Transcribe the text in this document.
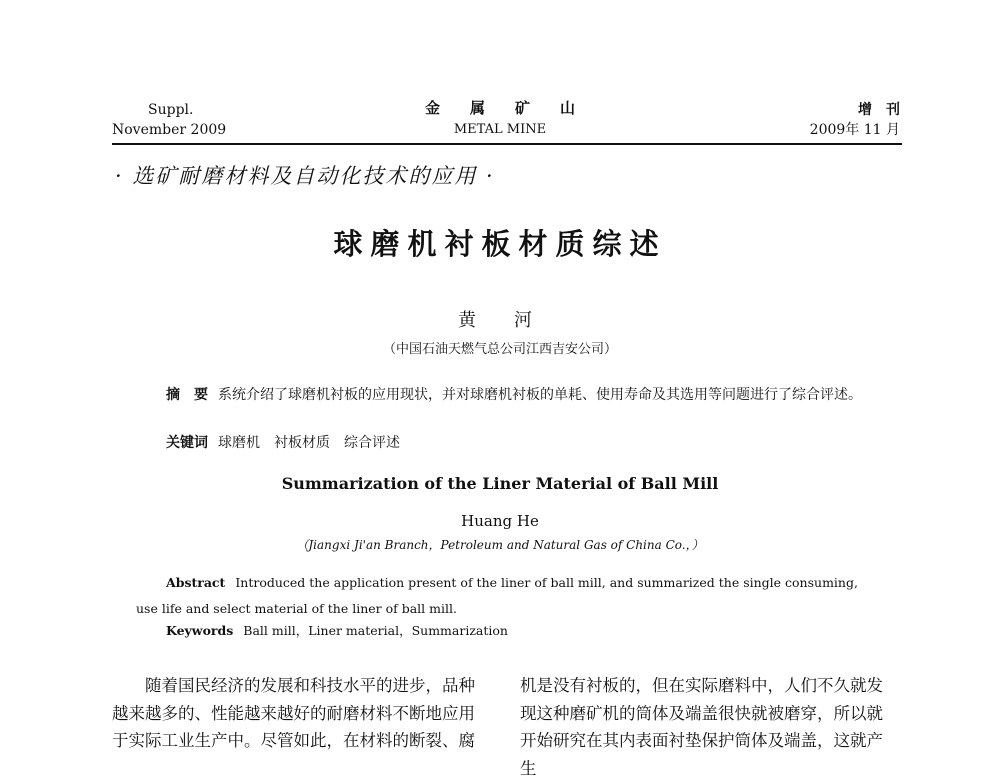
Suppl.
November 2009
金　　属　　矿　　山
METAL MINE
增　刊
2009年 11 月
· 选矿耐磨材料及自动化技术的应用 ·
球磨机衬板材质综述
黄　河
（中国石油天燃气总公司江西吉安公司）
摘　要 系统介绍了球磨机衬板的应用现状，并对球磨机衬板的单耗、使用寿命及其选用等问题进行了综合评述。
关键词 球磨机　衬板材质　综合评述
Summarization of the Liner Material of Ball Mill
Huang He
（Jiangxi Ji'an Branch，Petroleum and Natural Gas of China Co.，）
Abstract Introduced the application present of the liner of ball mill, and summarized the single consuming, use life and select material of the liner of ball mill.
Keywords Ball mill，Liner material，Summarization
随着国民经济的发展和科技水平的进步，品种越来越多的、性能越来越好的耐磨材料不断地应用于实际工业生产中。尽管如此，在材料的断裂、腐
机是没有衬板的，但在实际磨料中，人们不久就发现这种磨矿机的筒体及端盖很快就被磨穿，所以就开始研究在其内表面衬垫保护筒体及端盖，这就产生
